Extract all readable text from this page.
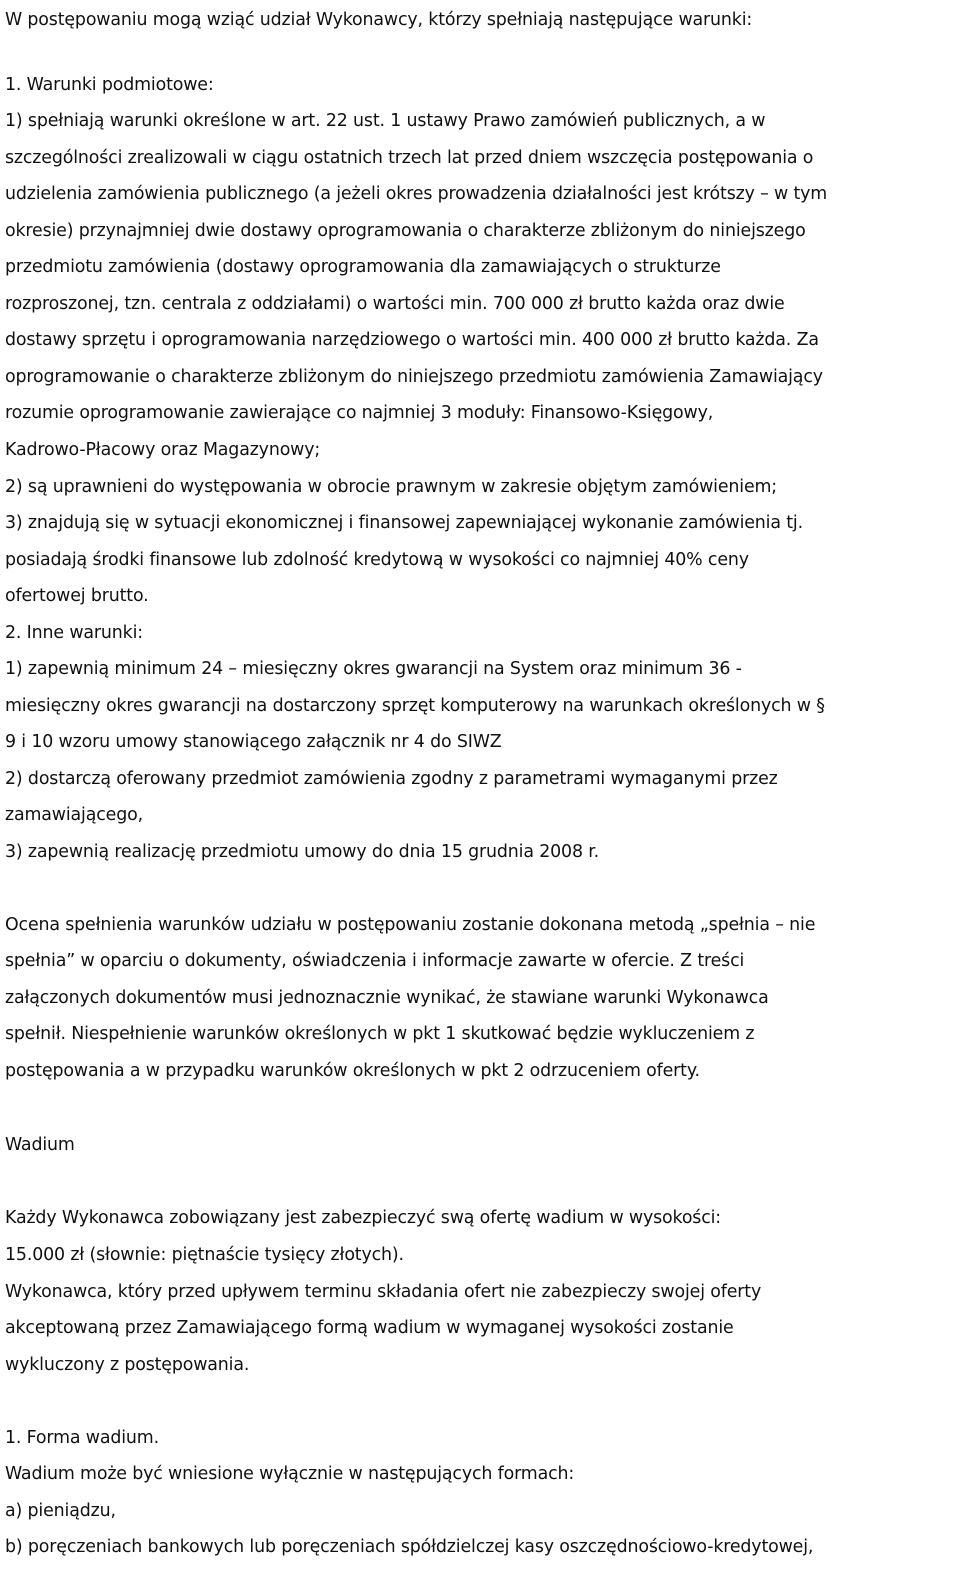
W postępowaniu mogą wziąć udział Wykonawcy, którzy spełniają następujące warunki:
1. Warunki podmiotowe:
1) spełniają warunki określone w art. 22 ust. 1 ustawy Prawo zamówień publicznych, a w
szczególności zrealizowali w ciągu ostatnich trzech lat przed dniem wszczęcia postępowania o
udzielenia zamówienia publicznego (a jeżeli okres prowadzenia działalności jest krótszy – w tym
okresie) przynajmniej dwie dostawy oprogramowania o charakterze zbliżonym do niniejszego
przedmiotu zamówienia (dostawy oprogramowania dla zamawiających o strukturze
rozproszonej, tzn. centrala z oddziałami) o wartości min. 700 000 zł brutto każda oraz dwie
dostawy sprzętu i oprogramowania narzędziowego o wartości min. 400 000 zł brutto każda. Za
oprogramowanie o charakterze zbliżonym do niniejszego przedmiotu zamówienia Zamawiający
rozumie oprogramowanie zawierające co najmniej 3 moduły: Finansowo-Księgowy,
Kadrowo-Płacowy oraz Magazynowy;
2) są uprawnieni do występowania w obrocie prawnym w zakresie objętym zamówieniem;
3) znajdują się w sytuacji ekonomicznej i finansowej zapewniającej wykonanie zamówienia tj.
posiadają środki finansowe lub zdolność kredytową w wysokości co najmniej 40% ceny
ofertowej brutto.
2. Inne warunki:
1) zapewnią minimum 24 – miesięczny okres gwarancji na System oraz minimum 36 -
miesięczny okres gwarancji na dostarczony sprzęt komputerowy na warunkach określonych w §
9 i 10 wzoru umowy stanowiącego załącznik nr 4 do SIWZ
2) dostarczą oferowany przedmiot zamówienia zgodny z parametrami wymaganymi przez
zamawiającego,
3) zapewnią realizację przedmiotu umowy do dnia 15 grudnia 2008 r.
Ocena spełnienia warunków udziału w postępowaniu zostanie dokonana metodą „spełnia – nie
spełnia” w oparciu o dokumenty, oświadczenia i informacje zawarte w ofercie. Z treści
załączonych dokumentów musi jednoznacznie wynikać, że stawiane warunki Wykonawca
spełnił. Niespełnienie warunków określonych w pkt 1 skutkować będzie wykluczeniem z
postępowania a w przypadku warunków określonych w pkt 2 odrzuceniem oferty.
Wadium
Każdy Wykonawca zobowiązany jest zabezpieczyć swą ofertę wadium w wysokości:
15.000 zł (słownie: piętnaście tysięcy złotych).
Wykonawca, który przed upływem terminu składania ofert nie zabezpieczy swojej oferty
akceptowaną przez Zamawiającego formą wadium w wymaganej wysokości zostanie
wykluczony z postępowania.
1. Forma wadium.
Wadium może być wniesione wyłącznie w następujących formach:
a) pieniądzu,
b) poręczeniach bankowych lub poręczeniach spółdzielczej kasy oszczędnościowo-kredytowej,
